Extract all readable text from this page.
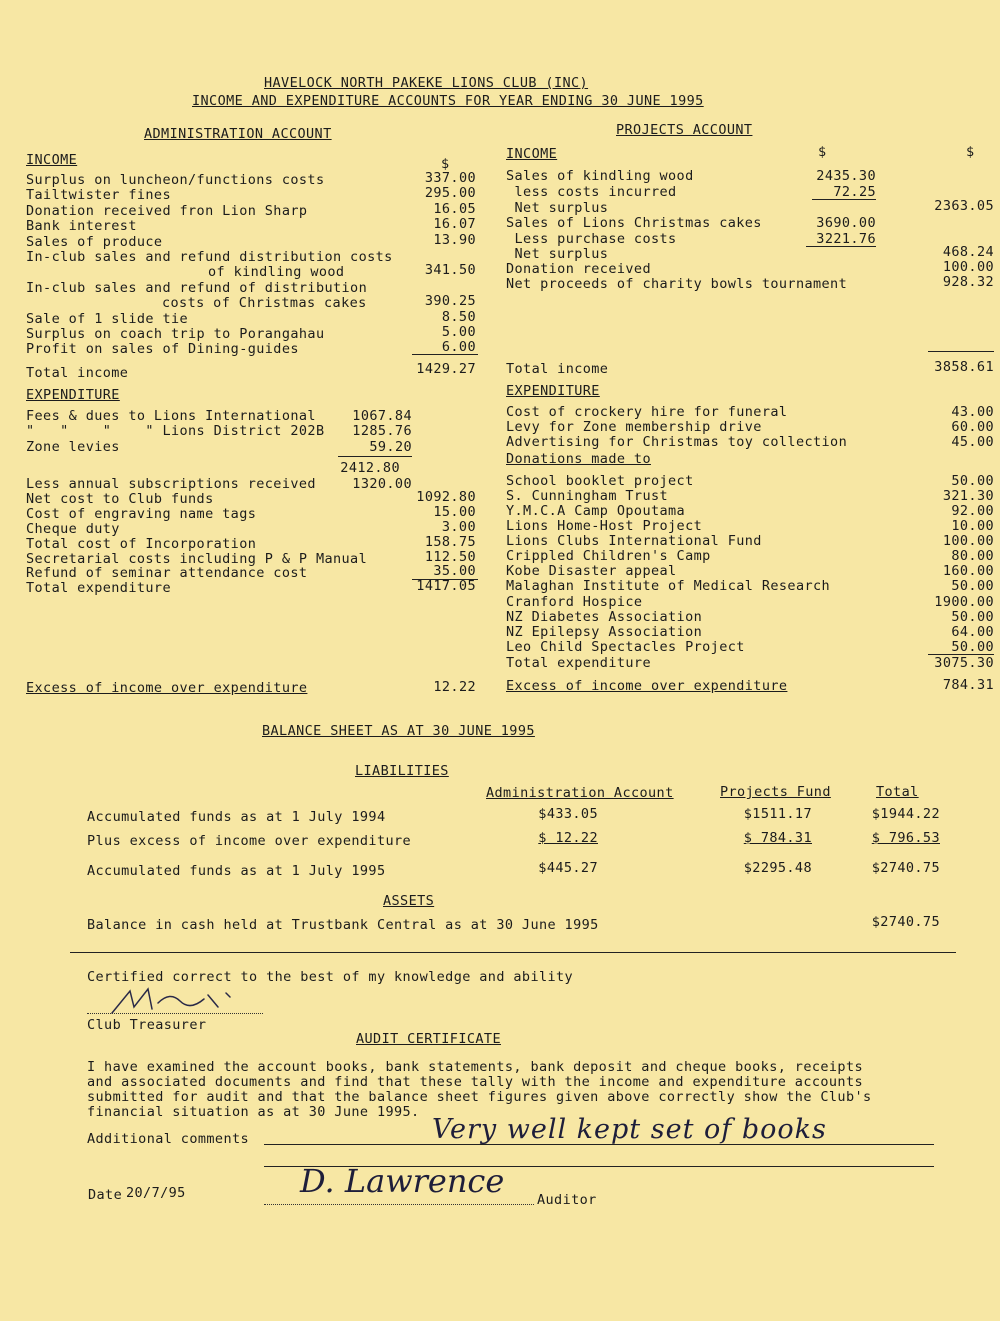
HAVELOCK NORTH PAKEKE LIONS CLUB (INC)
INCOME AND EXPENDITURE ACCOUNTS FOR YEAR ENDING 30 JUNE 1995
ADMINISTRATION ACCOUNT
INCOME	$
Surplus on luncheon/functions costs	337.00
Tailtwister fines	295.00
Donation received fron Lion Sharp	16.05
Bank interest	16.07
Sales of produce	13.90
In-club sales and refund distribution costs
of kindling wood	341.50
In-club sales and refund of distribution
costs of Christmas cakes	390.25
Sale of 1 slide tie	8.50
Surplus on coach trip to Porangahau	5.00
Profit on sales of Dining-guides	6.00
Total income	1429.27
EXPENDITURE
Fees & dues to Lions International	1067.84
"   "    "    " Lions District 202B	1285.76
Zone levies	59.20
2412.80
Less annual subscriptions received	1320.00
Net cost to Club funds	1092.80
Cost of engraving name tags	15.00
Cheque duty	3.00
Total cost of Incorporation	158.75
Secretarial costs including P & P Manual	112.50
Refund of seminar attendance cost	35.00
Total expenditure	1417.05
Excess of income over expenditure	12.22
PROJECTS ACCOUNT
INCOME	$	$
Sales of kindling wood	2435.30
less costs incurred	72.25
Net surplus	2363.05
Sales of Lions Christmas cakes	3690.00
Less purchase costs	3221.76
Net surplus	468.24
Donation received	100.00
Net proceeds of charity bowls tournament	928.32
Total income	3858.61
EXPENDITURE
Cost of crockery hire for funeral	43.00
Levy for Zone membership drive	60.00
Advertising for Christmas toy collection	45.00
Donations made to
School booklet project	50.00
S. Cunningham Trust	321.30
Y.M.C.A Camp Opoutama	92.00
Lions Home-Host Project	10.00
Lions Clubs International Fund	100.00
Crippled Children's Camp	80.00
Kobe Disaster appeal	160.00
Malaghan Institute of Medical Research	50.00
Cranford Hospice	1900.00
NZ Diabetes Association	50.00
NZ Epilepsy Association	64.00
Leo Child Spectacles Project	50.00
Total expenditure	3075.30
Excess of income over expenditure	784.31
BALANCE SHEET AS AT 30 JUNE 1995
LIABILITIES
Administration Account	Projects Fund	Total
Accumulated funds as at 1 July 1994	$433.05	$1511.17	$1944.22
Plus excess of income over expenditure	$ 12.22	$ 784.31	$ 796.53
Accumulated funds as at 1 July 1995	$445.27	$2295.48	$2740.75
ASSETS
Balance in cash held at Trustbank Central as at 30 June 1995	$2740.75
Certified correct to the best of my knowledge and ability
Club Treasurer
AUDIT CERTIFICATE
I have examined the account books, bank statements, bank deposit and cheque books, receipts
and associated documents and find that these tally with the income and expenditure accounts
submitted for audit and that the balance sheet figures given above correctly show the Club's
financial situation as at 30 June 1995.
Additional comments	Very well kept set of books
Date 20/7/95	D. Lawrence Auditor
